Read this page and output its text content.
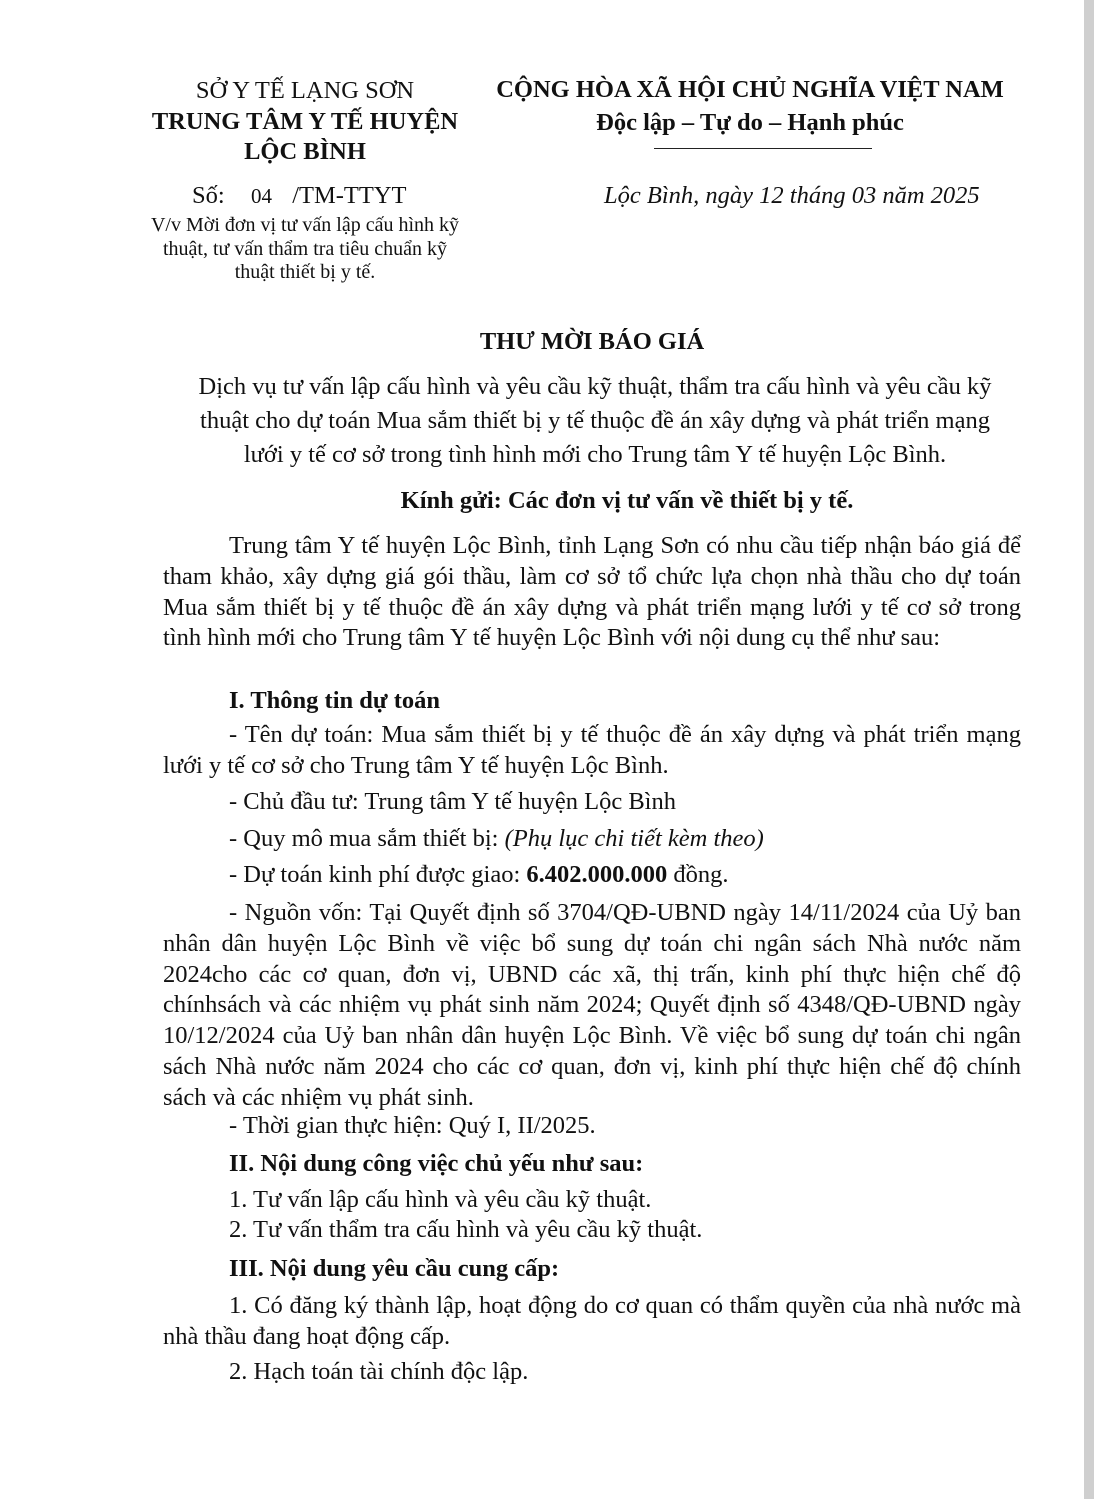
SỞ Y TẾ LẠNG SƠN
TRUNG TÂM Y TẾ HUYỆN
LỘC BÌNH
Số: 04 /TM-TTYT
V/v Mời đơn vị tư vấn lập cấu hình kỹ
thuật, tư vấn thẩm tra tiêu chuẩn kỹ
thuật thiết bị y tế.
CỘNG HÒA XÃ HỘI CHỦ NGHĨA VIỆT NAM
Độc lập – Tự do – Hạnh phúc
Lộc Bình, ngày 12 tháng 03 năm 2025
THƯ MỜI BÁO GIÁ
Dịch vụ tư vấn lập cấu hình và yêu cầu kỹ thuật, thẩm tra cấu hình và yêu cầu kỹ
thuật cho dự toán Mua sắm thiết bị y tế thuộc đề án xây dựng và phát triển mạng
lưới y tế cơ sở trong tình hình mới cho Trung tâm Y tế huyện Lộc Bình.
Kính gửi: Các đơn vị tư vấn về thiết bị y tế.

Trung tâm Y tế huyện Lộc Bình, tỉnh Lạng Sơn có nhu cầu tiếp nhận báo giá để tham khảo, xây dựng giá gói thầu, làm cơ sở tổ chức lựa chọn nhà thầu cho dự toán Mua sắm thiết bị y tế thuộc đề án xây dựng và phát triển mạng lưới y tế cơ sở trong tình hình mới cho Trung tâm Y tế huyện Lộc Bình với nội dung cụ thể như sau:

I. Thông tin dự toán

- Tên dự toán: Mua sắm thiết bị y tế thuộc đề án xây dựng và phát triển mạng lưới y tế cơ sở cho Trung tâm Y tế huyện Lộc Bình.

- Chủ đầu tư: Trung tâm Y tế huyện Lộc Bình
- Quy mô mua sắm thiết bị: (Phụ lục chi tiết kèm theo)
- Dự toán kinh phí được giao: 6.402.000.000 đồng.

- Nguồn vốn: Tại Quyết định số 3704/QĐ-UBND ngày 14/11/2024 của Uỷ ban nhân dân huyện Lộc Bình về việc bổ sung dự toán chi ngân sách Nhà nước năm 2024cho các cơ quan, đơn vị, UBND các xã, thị trấn, kinh phí thực hiện chế độ chínhsách và các nhiệm vụ phát sinh năm 2024; Quyết định số 4348/QĐ-UBND ngày 10/12/2024 của Uỷ ban nhân dân huyện Lộc Bình. Về việc bổ sung dự toán chi ngân sách Nhà nước năm 2024 cho các cơ quan, đơn vị, kinh phí thực hiện chế độ chính sách và các nhiệm vụ phát sinh.

- Thời gian thực hiện: Quý I, II/2025.
II. Nội dung công việc chủ yếu như sau:
1. Tư vấn lập cấu hình và yêu cầu kỹ thuật.
2. Tư vấn thẩm tra cấu hình và yêu cầu kỹ thuật.
III. Nội dung yêu cầu cung cấp:

1. Có đăng ký thành lập, hoạt động do cơ quan có thẩm quyền của nhà nước mà nhà thầu đang hoạt động cấp.

2. Hạch toán tài chính độc lập.
